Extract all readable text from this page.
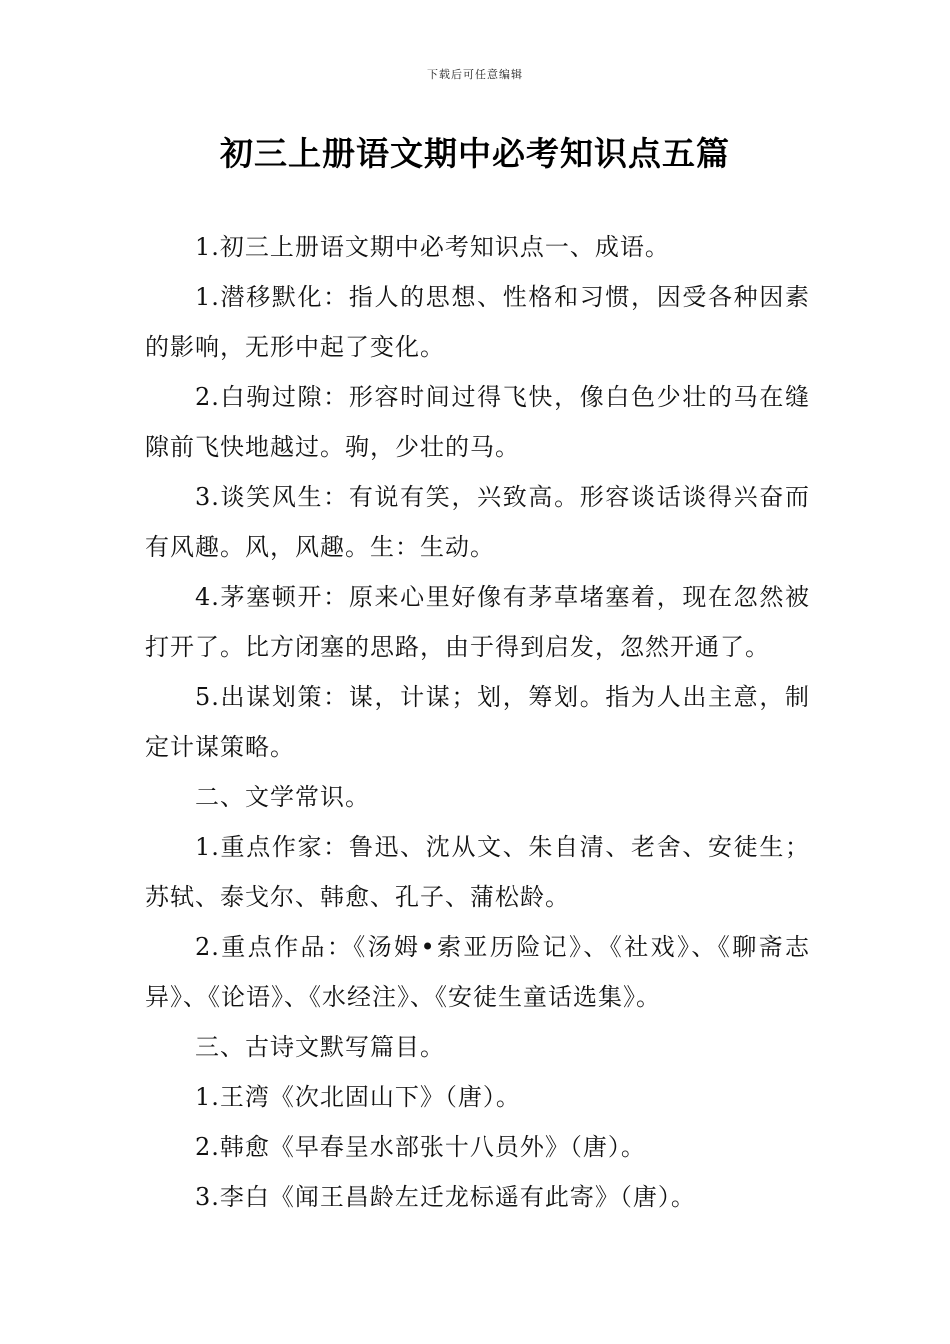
下载后可任意编辑
初三上册语文期中必考知识点五篇

1.初三上册语文期中必考知识点一、成语。

1.潜移默化：指人的思想、性格和习惯，因受各种因素的影响，无形中起了变化。

2.白驹过隙：形容时间过得飞快，像白色少壮的马在缝隙前飞快地越过。驹，少壮的马。

3.谈笑风生：有说有笑，兴致高。形容谈话谈得兴奋而有风趣。风，风趣。生：生动。

4.茅塞顿开：原来心里好像有茅草堵塞着，现在忽然被打开了。比方闭塞的思路，由于得到启发，忽然开通了。

5.出谋划策：谋，计谋；划，筹划。指为人出主意，制定计谋策略。

二、文学常识。

1.重点作家：鲁迅、沈从文、朱自清、老舍、安徒生；苏轼、泰戈尔、韩愈、孔子、蒲松龄。

2.重点作品：《汤姆•索亚历险记》、《社戏》、《聊斋志异》、《论语》、《水经注》、《安徒生童话选集》。

三、古诗文默写篇目。

1.王湾《次北固山下》（唐）。

2.韩愈《早春呈水部张十八员外》（唐）。

3.李白《闻王昌龄左迁龙标遥有此寄》（唐）。
